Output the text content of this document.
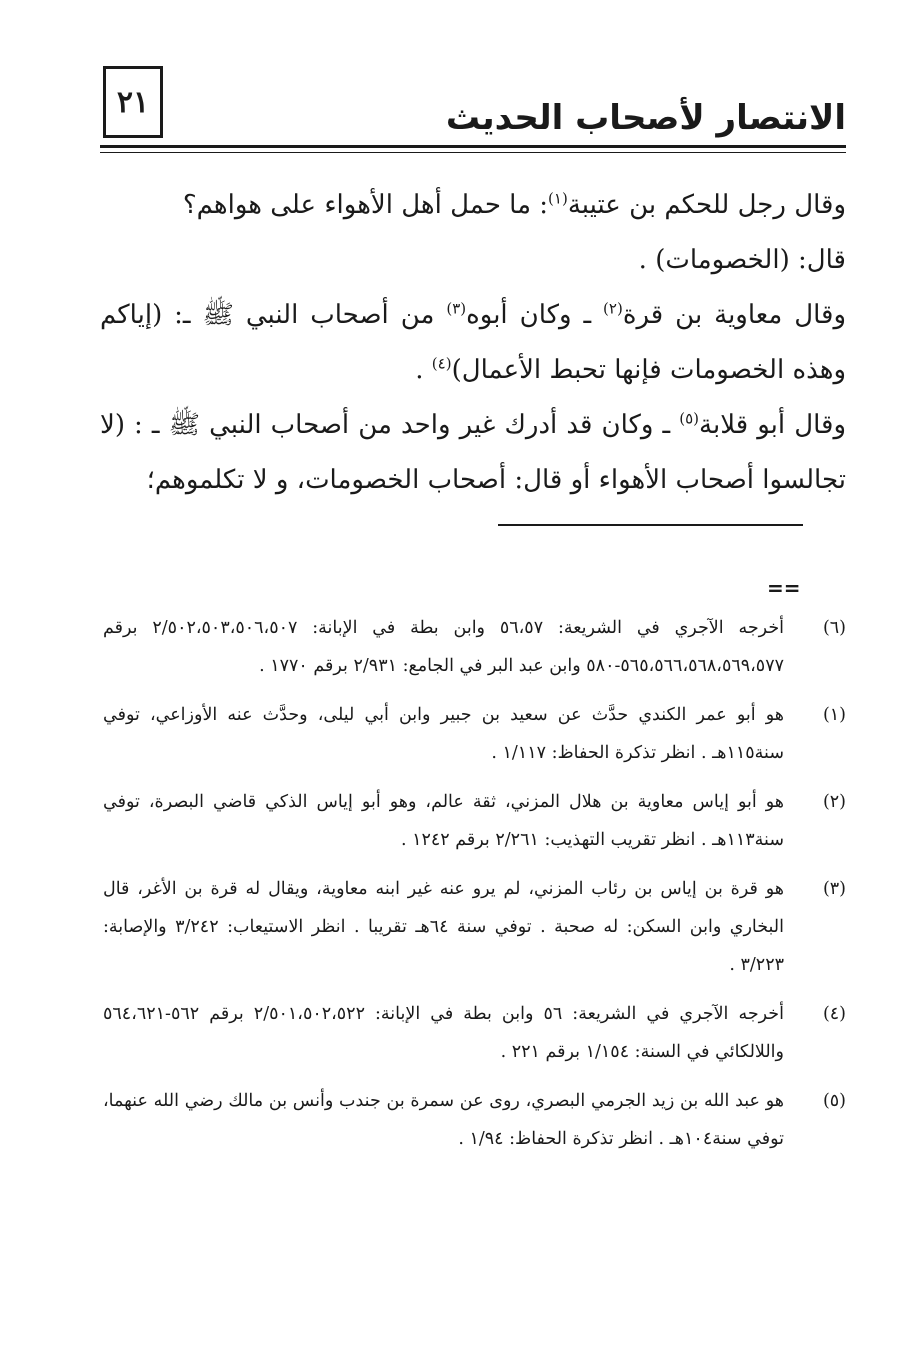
٢١	الانتصار لأصحاب الحديث

وقال رجل للحكم بن عتيبة$^{(١)}$: ما حمل أهل الأهواء على هواهم؟

قال: (الخصومات) .

وقال معاوية بن قرة$^{(٢)}$ ـ وكان أبوه$^{(٣)}$ من أصحاب النبي ﷺ ـ: (إياكم وهذه الخصومات فإنها تحبط الأعمال)$^{(٤)}$ .

وقال أبو قلابة$^{(٥)}$ ـ وكان قد أدرك غير واحد من أصحاب النبي ﷺ ـ : (لا تجالسوا أصحاب الأهواء أو قال: أصحاب الخصومات، و لا تكلموهم؛

==
(٦)
أخرجه الآجري في الشريعة: ٥٦،٥٧ وابن بطة في الإبانة: ٢/٥٠٢،٥٠٣،٥٠٦،٥٠٧ برقم ٥٦٥،٥٦٦،٥٦٨،٥٦٩،٥٧٧-٥٨٠ وابن عبد البر في الجامع: ٢/٩٣١ برقم ١٧٧٠ .
(١)
هو أبو عمر الكندي حدَّث عن سعيد بن جبير وابن أبي ليلى، وحدَّث عنه الأوزاعي، توفي سنة١١٥هـ . انظر تذكرة الحفاظ: ١/١١٧ .
(٢)
هو أبو إياس معاوية بن هلال المزني، ثقة عالم، وهو أبو إياس الذكي قاضي البصرة، توفي سنة١١٣هـ . انظر تقريب التهذيب: ٢/٢٦١ برقم ١٢٤٢ .
(٣)
هو قرة بن إياس بن رئاب المزني، لم يرو عنه غير ابنه معاوية، ويقال له قرة بن الأغر، قال البخاري وابن السكن: له صحبة . توفي سنة ٦٤هـ تقريبا . انظر الاستيعاب: ٣/٢٤٢ والإصابة: ٣/٢٢٣ .
(٤)
أخرجه الآجري في الشريعة: ٥٦ وابن بطة في الإبانة: ٢/٥٠١،٥٠٢،٥٢٢ برقم ٥٦٢-٥٦٤،٦٢١ واللالكائي في السنة: ١/١٥٤ برقم ٢٢١ .
(٥)
هو عبد الله بن زيد الجرمي البصري، روى عن سمرة بن جندب وأنس بن مالك رضي الله عنهما، توفي سنة١٠٤هـ . انظر تذكرة الحفاظ: ١/٩٤ .
